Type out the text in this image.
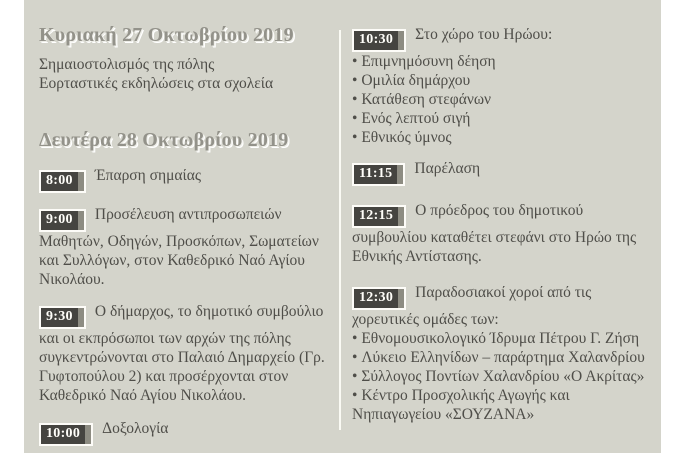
Κυριακή 27 Οκτωβρίου 2019
Σημαιοστολισμός της πόλης
Εορταστικές εκδηλώσεις στα σχολεία
Δευτέρα 28 Οκτωβρίου 2019

8:00 Έπαρση σημαίας

9:00 Προσέλευση αντιπροσωπειών Μαθητών, Οδηγών, Προσκόπων, Σωματείων και Συλλόγων, στον Καθεδρικό Ναό Αγίου Νικολάου.

9:30 Ο δήμαρχος, το δημοτικό συμβούλιο και οι εκπρόσωποι των αρχών της πόλης συγκεντρώνονται στο Παλαιό Δημαρχείο (Γρ. Γυφτοπούλου 2) και προσέρχονται στον Καθεδρικό Ναό Αγίου Νικολάου.

10:00 Δοξολογία

10:30 Στο χώρο του Ηρώου:

• Επιμνημόσυνη δέηση
• Ομιλία δημάρχου
• Κατάθεση στεφάνων
• Ενός λεπτού σιγή
• Εθνικός ύμνος

11:15 Παρέλαση

12:15 Ο πρόεδρος του δημοτικού συμβουλίου καταθέτει στεφάνι στο Ηρώο της Εθνικής Αντίστασης.

12:30 Παραδοσιακοί χοροί από τις χορευτικές ομάδες των:

• Εθνομουσικολογικό Ίδρυμα Πέτρου Γ. Ζήση
• Λύκειο Ελληνίδων – παράρτημα Χαλανδρίου
• Σύλλογος Ποντίων Χαλανδρίου «Ο Ακρίτας»
• Κέντρο Προσχολικής Αγωγής και Νηπιαγωγείου «ΣΟΥΖΑΝΑ»
